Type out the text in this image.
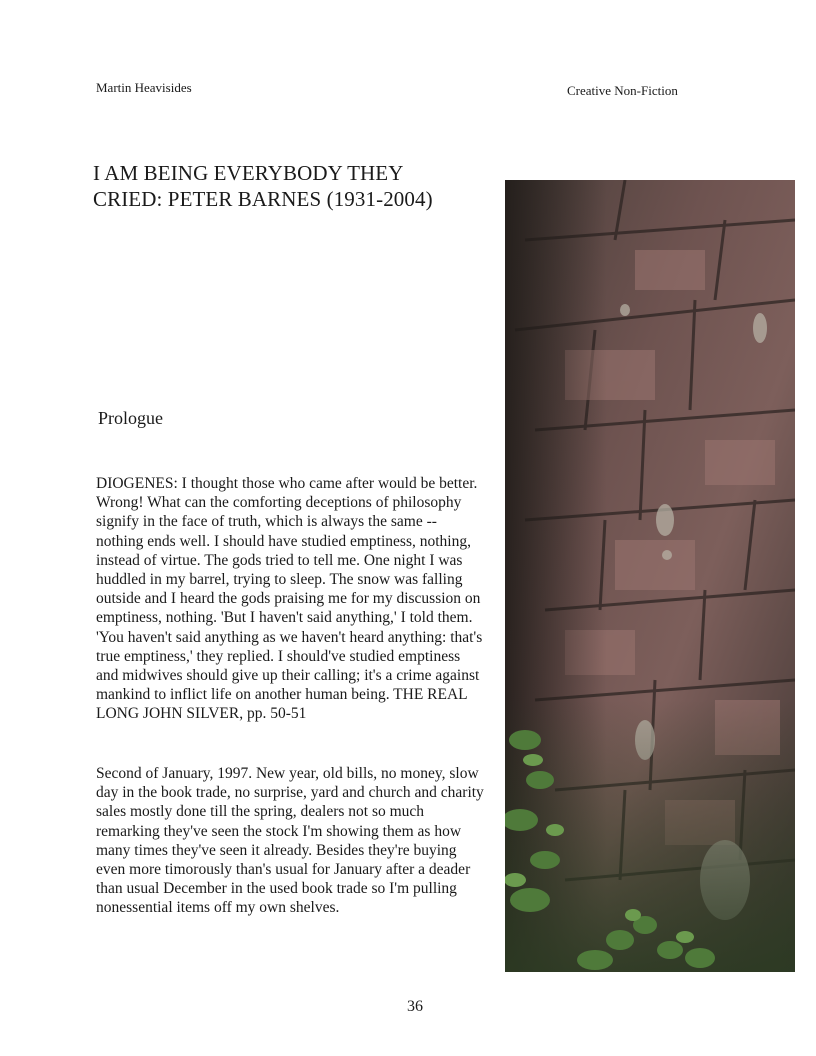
Martin Heavisides	Creative Non-Fiction
I AM BEING EVERYBODY THEY
CRIED: PETER BARNES (1931-2004)
Prologue

DIOGENES: I thought those who came after would be better. Wrong! What can the comforting deceptions of philosophy signify in the face of truth, which is always the same --nothing ends well. I should have studied emptiness, nothing, instead of virtue. The gods tried to tell me. One night I was huddled in my barrel, trying to sleep. The snow was falling outside and I heard the gods praising me for my discussion on emptiness, nothing. 'But I haven't said anything,' I told them. 'You haven't said anything as we haven't heard anything: that's true emptiness,' they replied. I should've studied emptiness and midwives should give up their calling; it's a crime against mankind to inflict life on another human being. THE REAL LONG JOHN SILVER, pp. 50-51

Second of January, 1997. New year, old bills, no money, slow day in the book trade, no surprise, yard and church and charity sales mostly done till the spring, dealers not so much remarking they've seen the stock I'm showing them as how many times they've seen it already. Besides they're buying even more timorously than's usual for January after a deader than usual December in the used book trade so I'm pulling nonessential items off my own shelves.

36
